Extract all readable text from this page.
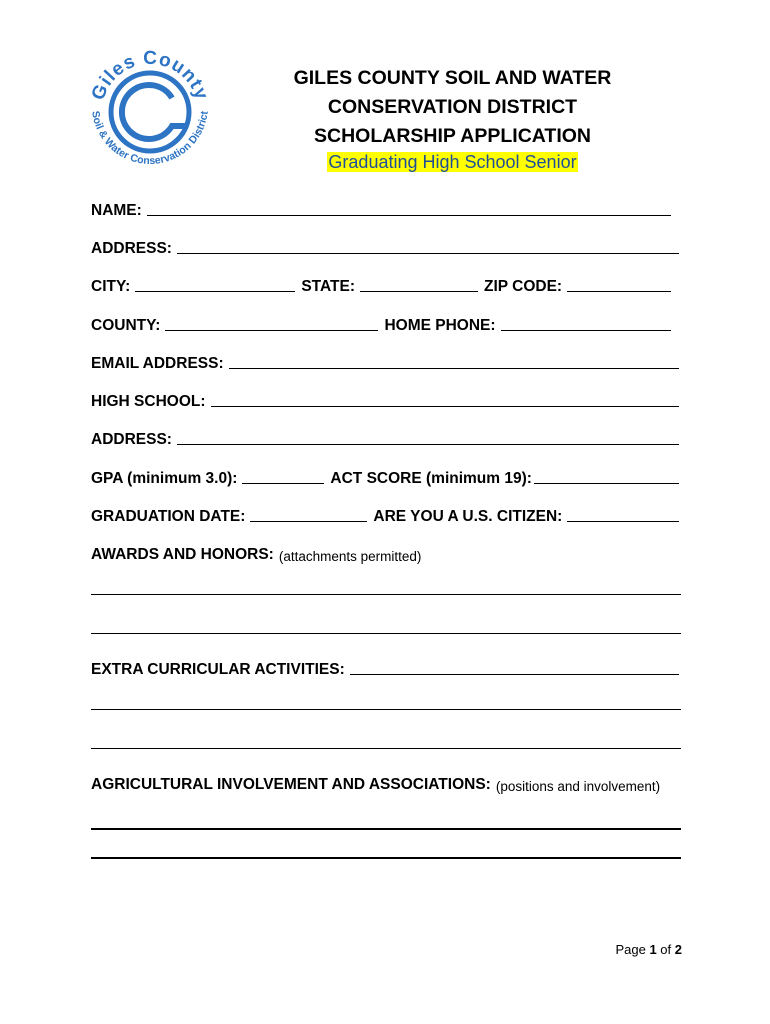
Giles County
Soil & Water Conservation District
GILES COUNTY SOIL AND WATER
CONSERVATION DISTRICT
SCHOLARSHIP APPLICATION
Graduating High School Senior
NAME:
ADDRESS:
CITY:	STATE:	ZIP CODE:
COUNTY:	HOME PHONE:
EMAIL ADDRESS:
HIGH SCHOOL:
ADDRESS:
GPA (minimum 3.0):	ACT SCORE (minimum 19):
GRADUATION DATE:	ARE YOU A U.S. CITIZEN:
AWARDS AND HONORS: (attachments permitted)
EXTRA CURRICULAR ACTIVITIES:
AGRICULTURAL INVOLVEMENT AND ASSOCIATIONS: (positions and involvement)
Page 1 of 2
